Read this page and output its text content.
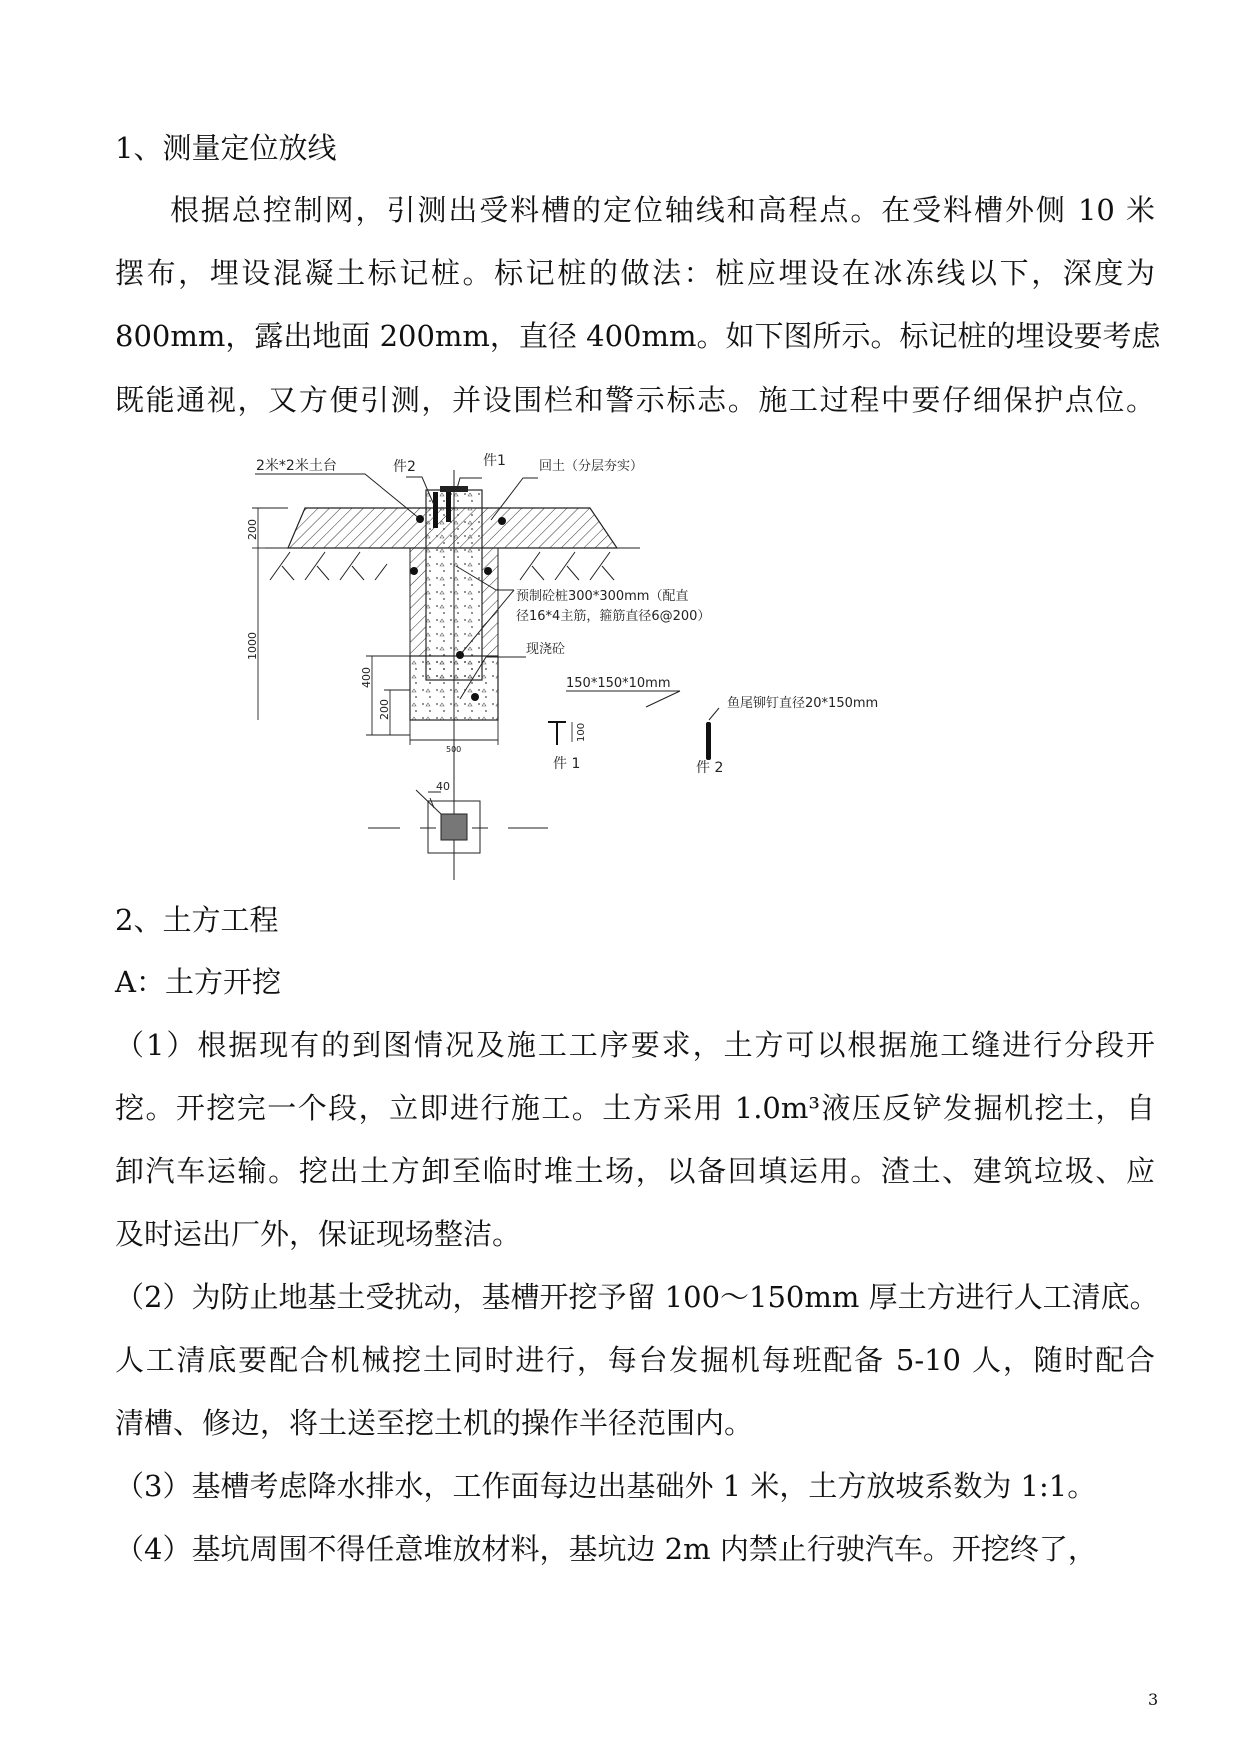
1、测量定位放线
根据总控制网，引测出受料槽的定位轴线和高程点。在受料槽外侧 10 米
摆布，埋设混凝土标记桩。标记桩的做法：桩应埋设在冰冻线以下，深度为
800mm，露出地面 200mm，直径 400mm。如下图所示。标记桩的埋设要考虑
既能通视，又方便引测，并设围栏和警示标志。施工过程中要仔细保护点位。
200
1000
400
200
500
2米*2米土台	件2	件1	回土（分层夯实）
预制砼桩300*300mm（配直
径16*4主筋，箍筋直径6@200）
现浇砼
150*150*10mm
鱼尾铆钉直径20*150mm
100
件 1	件 2
40
2、土方工程
A：土方开挖
（1）根据现有的到图情况及施工工序要求，土方可以根据施工缝进行分段开
挖。开挖完一个段，立即进行施工。土方采用 1.0m³液压反铲发掘机挖土，自
卸汽车运输。挖出土方卸至临时堆土场，以备回填运用。渣土、建筑垃圾、应
及时运出厂外，保证现场整洁。
（2）为防止地基土受扰动，基槽开挖予留 100～150mm 厚土方进行人工清底。
人工清底要配合机械挖土同时进行，每台发掘机每班配备 5-10 人，随时配合
清槽、修边，将土送至挖土机的操作半径范围内。
（3）基槽考虑降水排水，工作面每边出基础外 1 米，土方放坡系数为 1:1。
（4）基坑周围不得任意堆放材料，基坑边 2m 内禁止行驶汽车。开挖终了，
3
